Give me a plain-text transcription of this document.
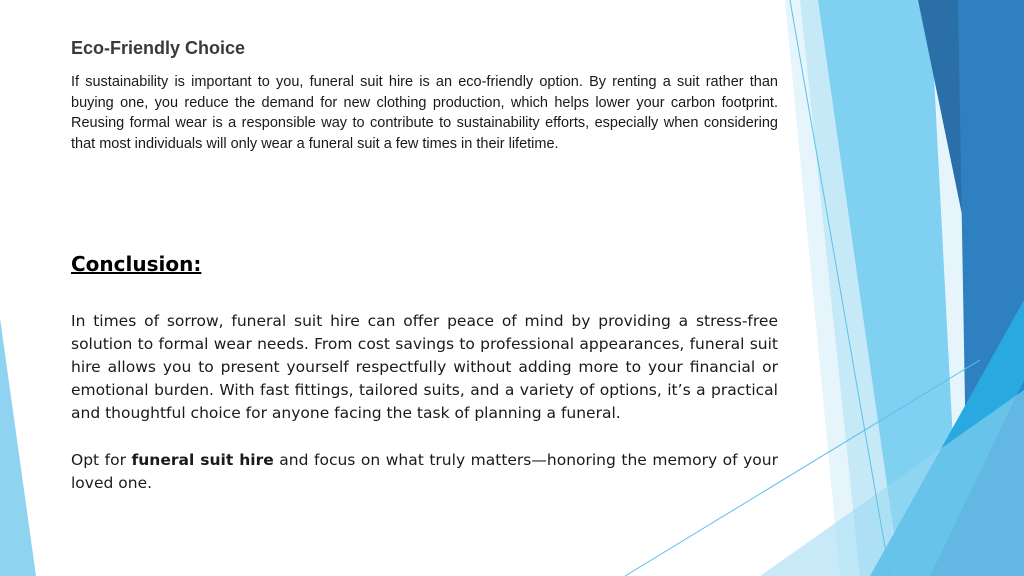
Eco-Friendly Choice

If sustainability is important to you, funeral suit hire is an eco-friendly option. By renting a suit rather than buying one, you reduce the demand for new clothing production, which helps lower your carbon footprint. Reusing formal wear is a responsible way to contribute to sustainability efforts, especially when considering that most individuals will only wear a funeral suit a few times in their lifetime.

Conclusion:

In times of sorrow, funeral suit hire can offer peace of mind by providing a stress-free solution to formal wear needs. From cost savings to professional appearances, funeral suit hire allows you to present yourself respectfully without adding more to your financial or emotional burden. With fast fittings, tailored suits, and a variety of options, it’s a practical and thoughtful choice for anyone facing the task of planning a funeral.

Opt for funeral suit hire and focus on what truly matters—honoring the memory of your loved one.
